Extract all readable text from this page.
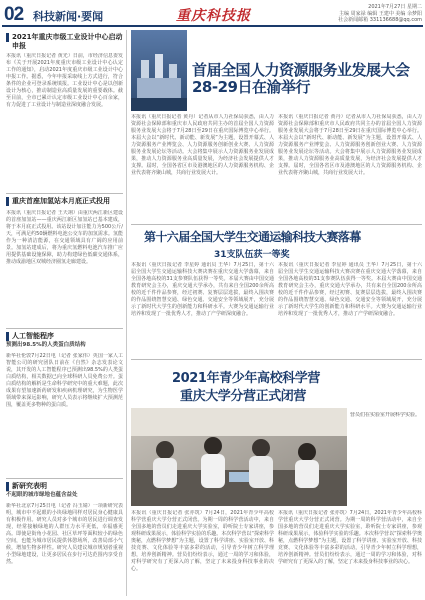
02 科技新闻·要闻	重庆科技报
2021年7月27日 星期二
主编 周家禄 编辑 王建中 美编 余梦阳
社会新闻邮箱 331136688@qq.com
2021年重庆市级工业设计中心启动申报
本报讯（重庆日报记者 黄光）日前，市经济信息委发布《关于开展2021年度重庆市级工业设计中心认定工作的通知》，启动2021年度重庆市级工业设计中心申报工作。据悉，今年申报采取线上方式进行，符合条件的企业可登录系统填报。工业设计中心是以创新设计为核心，推动制造业高质量发展的重要载体。截至目前，全市已累计认定市级工业设计中心百余家，有力促进了工业设计与制造业深度融合发展。
重庆首座加氢站本月底正式投用
本报讯（重庆日报记者 王天翊）由重庆两江新区建设的首座加氢站——重庆两江新区加氢站已基本建成，将于本月底正式投用。该站设计加注能力为500公斤/天，可满足约50辆燃料电池公交车的加氢需求。氢能作为一种清洁能源，在交通领域具有广阔的应用前景。加氢站建成后，将为重庆氢燃料电池汽车推广应用提供基础设施保障，助力构建绿色低碳交通体系，推动成渝地区双城经济圈氢走廊建设。
人工智能程序
预测出98.5%的人类蛋白质结构
新华社伦敦7月22日电（记者 张家伟）英国一家人工智能公司的研究团队日前在《自然》杂志发表论文说，其开发的人工智能程序已预测出98.5%的人类蛋白质结构，相关数据已向全球科研人员免费公开。蛋白质结构的解析是生命科学研究中的重大难题，此次成果有望加速新药研发和疾病机理研究，为生物医学领域带来深远影响，研究人员表示将继续扩大预测范围，覆盖更多物种的蛋白质。
新研究表明
不起眼的城市绿地也蕴含益处
新华社北京7月25日电（记者 冯玉婧）一项新研究表明，城市中不起眼的小块绿地同样对居民身心健康具有积极作用。研究人员对多个城市的居民进行调查发现，经常接触绿地的人群压力水平更低，幸福感更高。即使是街角小花园、社区草坪等面积较小的绿色空间，也能为城市居民提供休憩场所，改善局部小气候，增加生物多样性。研究人员建议城市规划者重视小型绿地建设，让更多居民在步行可达范围内享受自然。
首届全国人力资源服务业发展大会28-29日在渝举行
本报讯（重庆日报记者 黄丹）记者从市人力社保局获悉，由人力资源社会保障部和重庆市人民政府共同主办的首届全国人力资源服务业发展大会将于7月28日至29日在重庆国际博览中心举行。本届大会以“新时代、新动能、新发展”为主题，设置开幕式、人力资源服务产业博览会、人力资源服务创新创业大赛、人力资源服务业发展论坛等活动。大会将集中展示人力资源服务业发展成果，推动人力资源服务业高质量发展，为经济社会发展提供人才支撑。届时，全国各省区市及港澳地区的人力资源服务机构、企业代表将齐聚山城，共商行业发展大计。
本报讯（重庆日报记者 黄丹）记者从市人力社保局获悉，由人力资源社会保障部和重庆市人民政府共同主办的首届全国人力资源服务业发展大会将于7月28日至29日在重庆国际博览中心举行。本届大会以“新时代、新动能、新发展”为主题，设置开幕式、人力资源服务产业博览会、人力资源服务创新创业大赛、人力资源服务业发展论坛等活动。大会将集中展示人力资源服务业发展成果，推动人力资源服务业高质量发展，为经济社会发展提供人才支撑。届时，全国各省区市及港澳地区的人力资源服务机构、企业代表将齐聚山城，共商行业发展大计。
第十六届全国大学生交通运输科技大赛落幕
31支队伍获一等奖
本报讯（重庆日报记者 李星婷 通讯员 王华）7月25日，第十六届全国大学生交通运输科技大赛决赛在重庆交通大学落幕，来自全国各地高校的31支参赛队伍获得一等奖。本届大赛由中国交通教育研究会主办，重庆交通大学承办，共有来自全国200余所高校的近千件作品参赛，经过初赛、复赛层层选拔，最终入围决赛的作品围绕智慧交通、绿色交通、交通安全等领域展开，充分展示了新时代大学生的创新能力和科研水平。大赛为交通运输行业培养和发现了一批优秀人才，推动了产学研深度融合。
本报讯（重庆日报记者 李星婷 通讯员 王华）7月25日，第十六届全国大学生交通运输科技大赛决赛在重庆交通大学落幕，来自全国各地高校的31支参赛队伍获得一等奖。本届大赛由中国交通教育研究会主办，重庆交通大学承办，共有来自全国200余所高校的近千件作品参赛，经过初赛、复赛层层选拔，最终入围决赛的作品围绕智慧交通、绿色交通、交通安全等领域展开，充分展示了新时代大学生的创新能力和科研水平。大赛为交通运输行业培养和发现了一批优秀人才，推动了产学研深度融合。
2021年青少年高校科学营
重庆大学分营正式闭营
营员们在实验室开展科学实验。
本报讯（重庆日报记者 张亦筑）7月24日，2021年青少年高校科学营重庆大学分营正式闭营。为期一周的科学营活动中，来自全国多地的营员们走进重庆大学实验室，聆听院士专家讲座，参观科研成果展示，体验科学实验的乐趣。本次科学营以“探索科学奥秘，点燃科学梦想”为主题，设置了科学讲座、实验室开放、科技竞赛、文化体验等丰富多彩的活动，引导青少年树立科学理想，培养创新精神。营员们纷纷表示，通过一周的学习和体验，对科学研究有了更深入的了解，坚定了未来投身科技事业的决心。
本报讯（重庆日报记者 张亦筑）7月24日，2021年青少年高校科学营重庆大学分营正式闭营。为期一周的科学营活动中，来自全国多地的营员们走进重庆大学实验室，聆听院士专家讲座，参观科研成果展示，体验科学实验的乐趣。本次科学营以“探索科学奥秘，点燃科学梦想”为主题，设置了科学讲座、实验室开放、科技竞赛、文化体验等丰富多彩的活动，引导青少年树立科学理想，培养创新精神。营员们纷纷表示，通过一周的学习和体验，对科学研究有了更深入的了解，坚定了未来投身科技事业的决心。
